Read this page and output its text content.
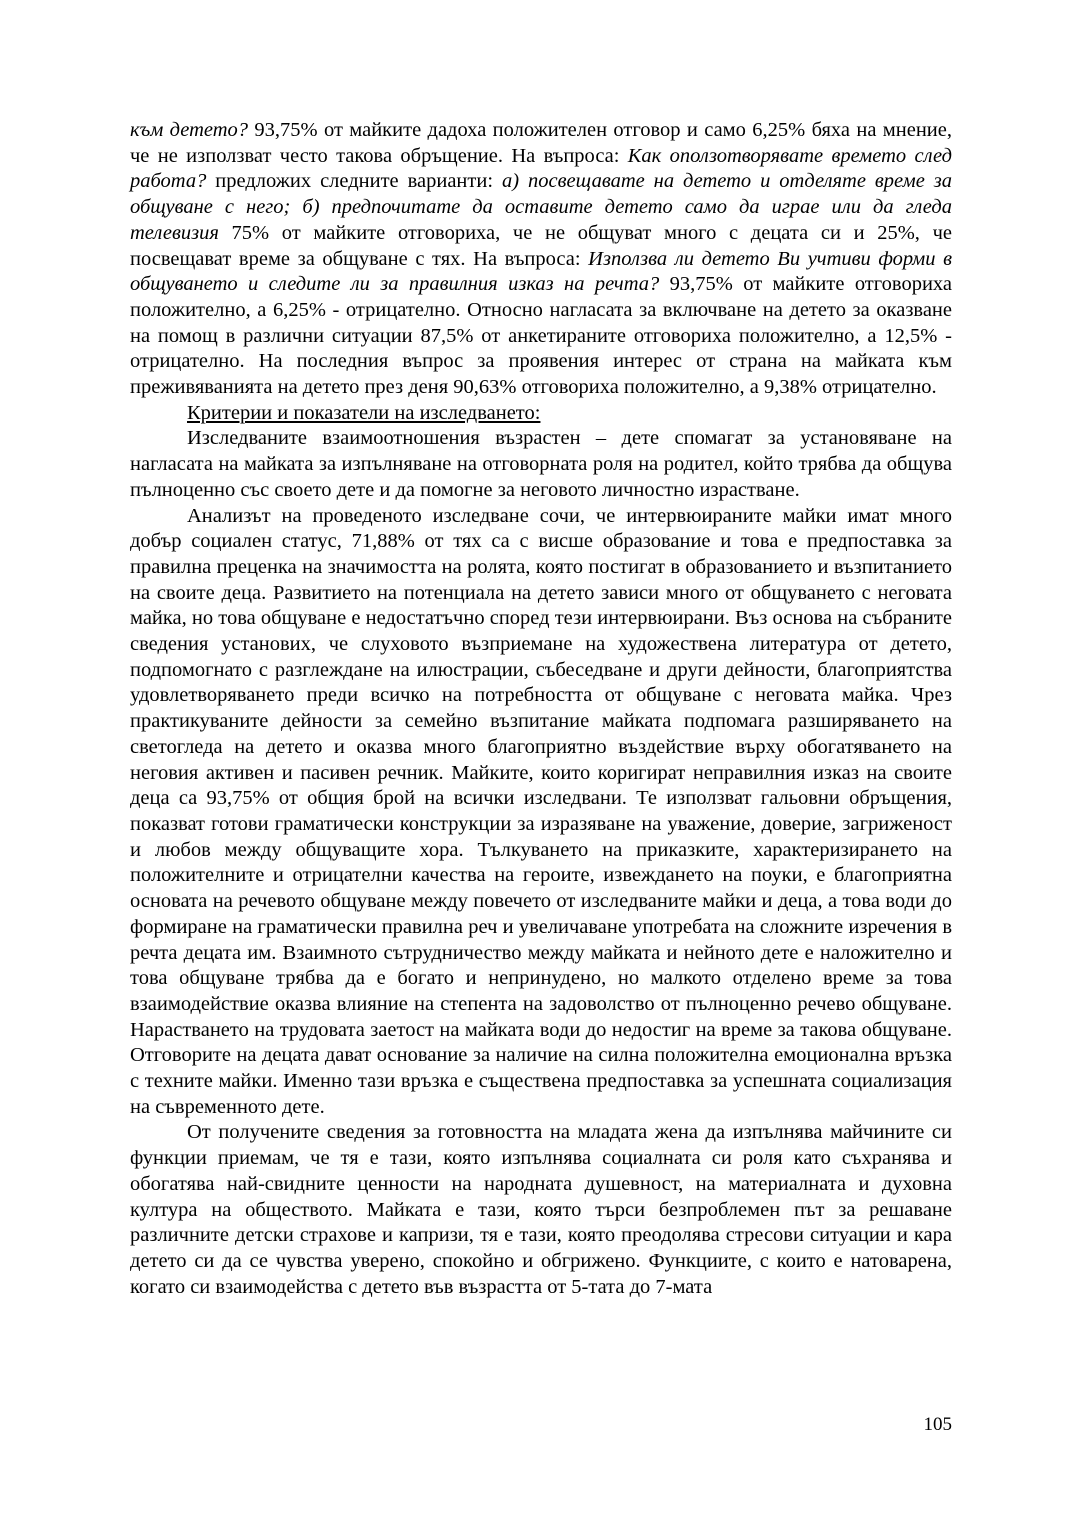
към детето? 93,75% от майките дадоха положителен отговор и само 6,25% бяха на мнение, че не използват често такова обръщение. На въпроса: Как оползотворявате времето след работа? предложих следните варианти: а) посвещавате на детето и отделяте време за общуване с него; б) предпочитате да оставите детето само да играе или да гледа телевизия 75% от майките отговориха, че не общуват много с децата си и 25%, че посвещават време за общуване с тях. На въпроса: Използва ли детето Ви учтиви форми в общуването и следите ли за правилния изказ на речта? 93,75% от майките отговориха положително, а 6,25% - отрицателно. Относно нагласата за включване на детето за оказване на помощ в различни ситуации 87,5% от анкетираните отговориха положително, а 12,5% - отрицателно. На последния въпрос за проявения интерес от страна на майката към преживяванията на детето през деня 90,63% отговориха положително, а 9,38% отрицателно.

Критерии и показатели на изследването:

Изследваните взаимоотношения възрастен – дете спомагат за установяване на нагласата на майката за изпълняване на отговорната роля на родител, който трябва да общува пълноценно със своето дете и да помогне за неговото личностно израстване.

Анализът на проведеното изследване сочи, че интервюираните майки имат много добър социален статус, 71,88% от тях са с висше образование и това е предпоставка за правилна преценка на значимостта на ролята, която постигат в образованието и възпитанието на своите деца. Развитието на потенциала на детето зависи много от общуването с неговата майка, но това общуване е недостатъчно според тези интервюирани. Въз основа на събраните сведения установих, че слуховото възприемане на художествена литература от детето, подпомогнато с разглеждане на илюстрации, събеседване и други дейности, благоприятства удовлетворяването преди всичко на потребността от общуване с неговата майка. Чрез практикуваните дейности за семейно възпитание майката подпомага разширяването на светогледа на детето и оказва много благоприятно въздействие върху обогатяването на неговия активен и пасивен речник. Майките, които коригират неправилния изказ на своите деца са 93,75% от общия брой на всички изследвани. Те използват гальовни обръщения, показват готови граматически конструкции за изразяване на уважение, доверие, загриженост и любов между общуващите хора. Тълкуването на приказките, характеризирането на положителните и отрицателни качества на героите, извеждането на поуки, е благоприятна основата на речевото общуване между повечето от изследваните майки и деца, а това води до формиране на граматически правилна реч и увеличаване употребата на сложните изречения в речта децата им. Взаимното сътрудничество между майката и нейното дете е наложително и това общуване трябва да е богато и непринудено, но малкото отделено време за това взаимодействие оказва влияние на степента на задоволство от пълноценно речево общуване. Нарастването на трудовата заетост на майката води до недостиг на време за такова общуване. Отговорите на децата дават основание за наличие на силна положителна емоционална връзка с техните майки. Именно тази връзка е съществена предпоставка за успешната социализация на съвременното дете.

От получените сведения за готовността на младата жена да изпълнява майчините си функции приемам, че тя е тази, която изпълнява социалната си роля като съхранява и обогатява най-свидните ценности на народната душевност, на материалната и духовна култура на обществото. Майката е тази, която търси безпроблемен път за решаване различните детски страхове и капризи, тя е тази, която преодолява стресови ситуации и кара детето си да се чувства уверено, спокойно и обгрижено. Функциите, с които е натоварена, когато си взаимодейства с детето във възрастта от 5-тата до 7-мата

105
